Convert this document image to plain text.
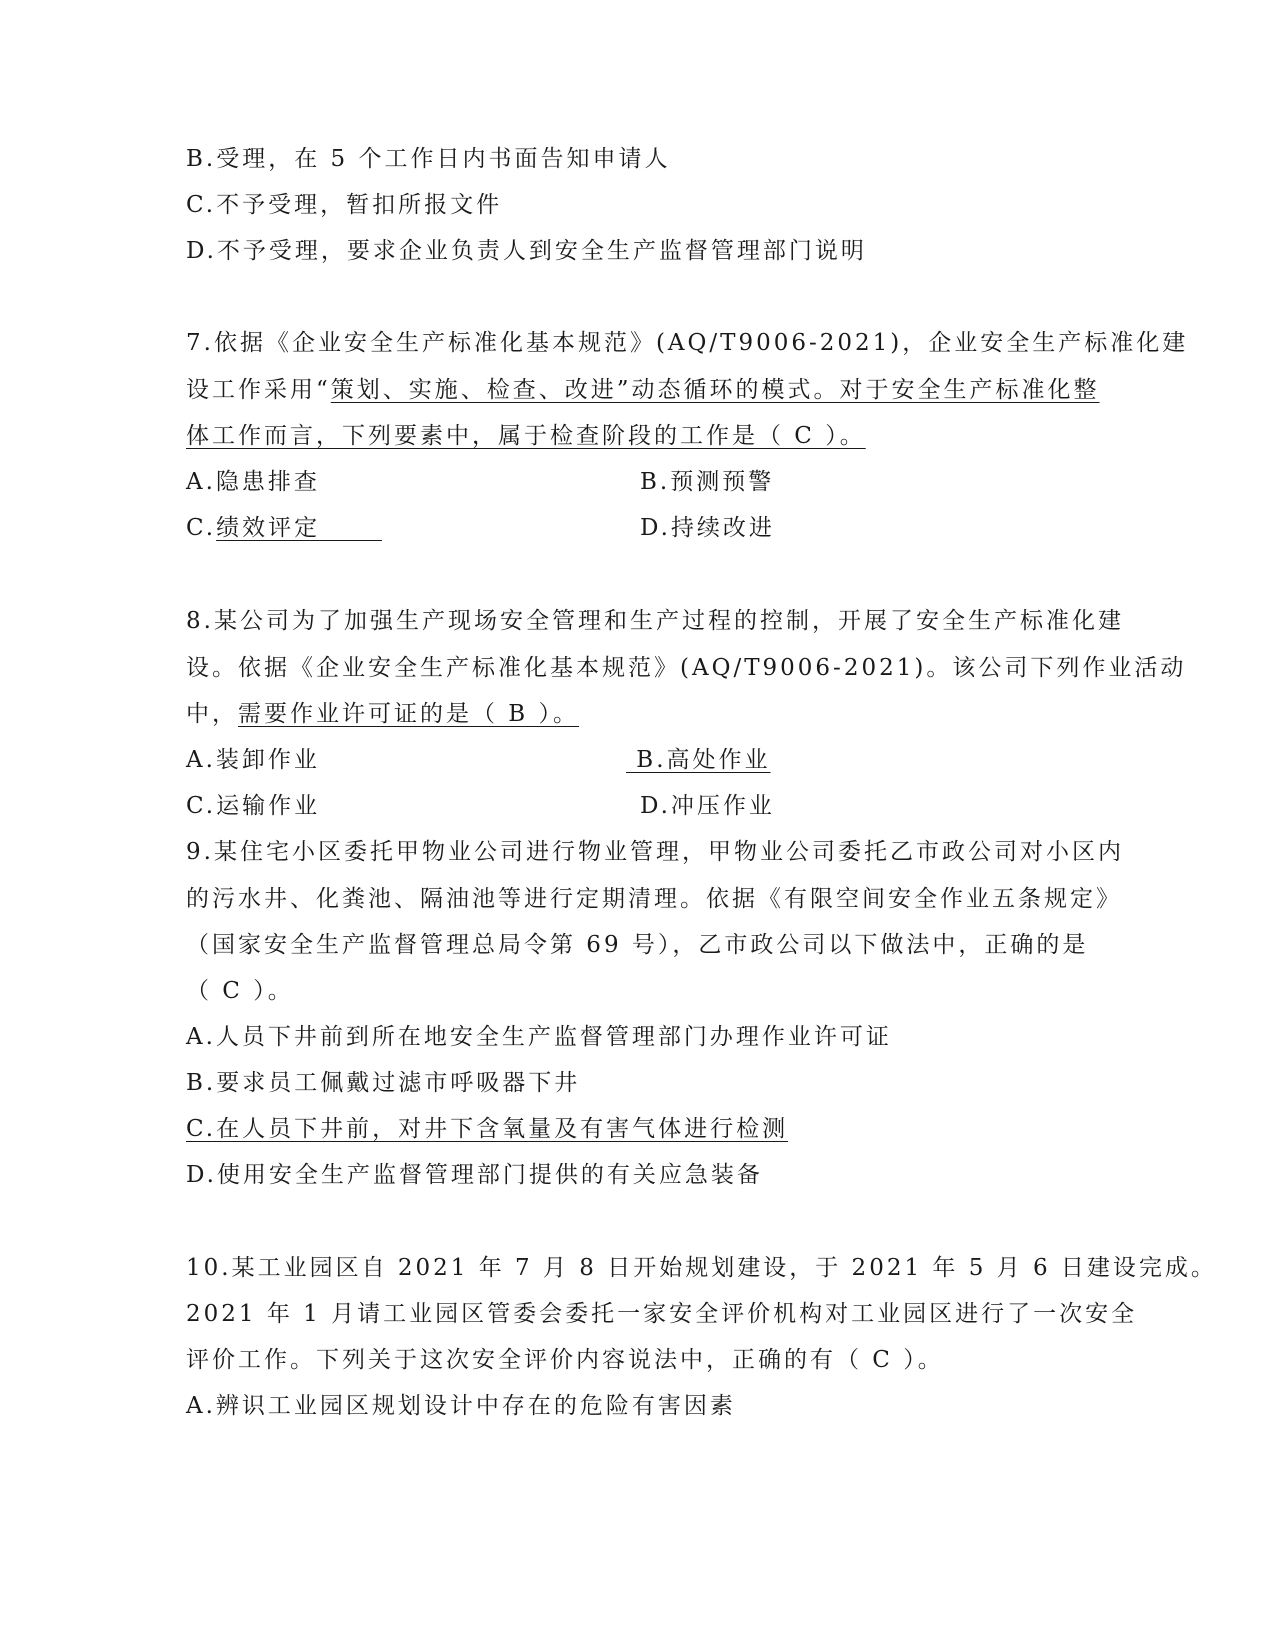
B.受理，在 5 个工作日内书面告知申请人
C.不予受理，暂扣所报文件
D.不予受理，要求企业负责人到安全生产监督管理部门说明
7.依据《企业安全生产标准化基本规范》(AQ/T9006-2021)，企业安全生产标准化建
设工作采用“策划、实施、检查、改进”动态循环的模式。对于安全生产标准化整
体工作而言，下列要素中，属于检查阶段的工作是（ C ）。
A.隐患排查	B.预测预警
C.绩效评定	D.持续改进
8.某公司为了加强生产现场安全管理和生产过程的控制，开展了安全生产标准化建
设。依据《企业安全生产标准化基本规范》(AQ/T9006-2021)。该公司下列作业活动
中，需要作业许可证的是（ B ）。
A.装卸作业	B.高处作业
C.运输作业	D.冲压作业
9.某住宅小区委托甲物业公司进行物业管理，甲物业公司委托乙市政公司对小区内
的污水井、化粪池、隔油池等进行定期清理。依据《有限空间安全作业五条规定》
（国家安全生产监督管理总局令第 69 号），乙市政公司以下做法中，正确的是
（ C ）。
A.人员下井前到所在地安全生产监督管理部门办理作业许可证
B.要求员工佩戴过滤市呼吸器下井
C.在人员下井前，对井下含氧量及有害气体进行检测
D.使用安全生产监督管理部门提供的有关应急装备
10.某工业园区自 2021 年 7 月 8 日开始规划建设，于 2021 年 5 月 6 日建设完成。
2021 年 1 月请工业园区管委会委托一家安全评价机构对工业园区进行了一次安全
评价工作。下列关于这次安全评价内容说法中，正确的有（ C ）。
A.辨识工业园区规划设计中存在的危险有害因素
